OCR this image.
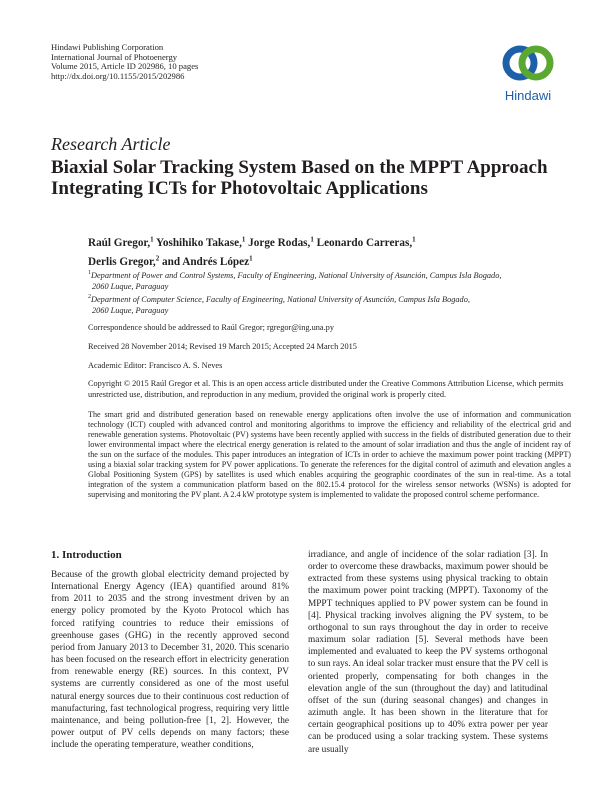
Hindawi Publishing Corporation
International Journal of Photoenergy
Volume 2015, Article ID 202986, 10 pages
http://dx.doi.org/10.1155/2015/202986
Hindawi
Research Article
Biaxial Solar Tracking System Based on the MPPT Approach Integrating ICTs for Photovoltaic Applications
Raúl Gregor,$^1$ Yoshihiko Takase,$^1$ Jorge Rodas,$^1$ Leonardo Carreras,$^1$
Derlis Gregor,$^2$ and Andrés López$^1$
$^1$Department of Power and Control Systems, Faculty of Engineering, National University of Asunción, Campus Isla Bogado,
2060 Luque, Paraguay
$^2$Department of Computer Science, Faculty of Engineering, National University of Asunción, Campus Isla Bogado,
2060 Luque, Paraguay
Correspondence should be addressed to Raúl Gregor; rgregor@ing.una.py
Received 28 November 2014; Revised 19 March 2015; Accepted 24 March 2015
Academic Editor: Francisco A. S. Neves
Copyright © 2015 Raúl Gregor et al. This is an open access article distributed under the Creative Commons Attribution License, which permits unrestricted use, distribution, and reproduction in any medium, provided the original work is properly cited.
The smart grid and distributed generation based on renewable energy applications often involve the use of information and communication technology (ICT) coupled with advanced control and monitoring algorithms to improve the efficiency and reliability of the electrical grid and renewable generation systems. Photovoltaic (PV) systems have been recently applied with success in the fields of distributed generation due to their lower environmental impact where the electrical energy generation is related to the amount of solar irradiation and thus the angle of incident ray of the sun on the surface of the modules. This paper introduces an integration of ICTs in order to achieve the maximum power point tracking (MPPT) using a biaxial solar tracking system for PV power applications. To generate the references for the digital control of azimuth and elevation angles a Global Positioning System (GPS) by satellites is used which enables acquiring the geographic coordinates of the sun in real-time. As a total integration of the system a communication platform based on the 802.15.4 protocol for the wireless sensor networks (WSNs) is adopted for supervising and monitoring the PV plant. A 2.4 kW prototype system is implemented to validate the proposed control scheme performance.
1. Introduction
Because of the growth global electricity demand projected by International Energy Agency (IEA) quantified around 81% from 2011 to 2035 and the strong investment driven by an energy policy promoted by the Kyoto Protocol which has forced ratifying countries to reduce their emissions of greenhouse gases (GHG) in the recently approved second period from January 2013 to December 31, 2020. This scenario has been focused on the research effort in electricity generation from renewable energy (RE) sources. In this context, PV systems are currently considered as one of the most useful natural energy sources due to their continuous cost reduction of manufacturing, fast technological progress, requiring very little maintenance, and being pollution-free [1, 2]. However, the power output of PV cells depends on many factors; these include the operating temperature, weather conditions,
irradiance, and angle of incidence of the solar radiation [3]. In order to overcome these drawbacks, maximum power should be extracted from these systems using physical tracking to obtain the maximum power point tracking (MPPT). Taxonomy of the MPPT techniques applied to PV power system can be found in [4]. Physical tracking involves aligning the PV system, to be orthogonal to sun rays throughout the day in order to receive maximum solar radiation [5]. Several methods have been implemented and evaluated to keep the PV systems orthogonal to sun rays. An ideal solar tracker must ensure that the PV cell is oriented properly, compensating for both changes in the elevation angle of the sun (throughout the day) and latitudinal offset of the sun (during seasonal changes) and changes in azimuth angle. It has been shown in the literature that for certain geographical positions up to 40% extra power per year can be produced using a solar tracking system. These systems are usually
